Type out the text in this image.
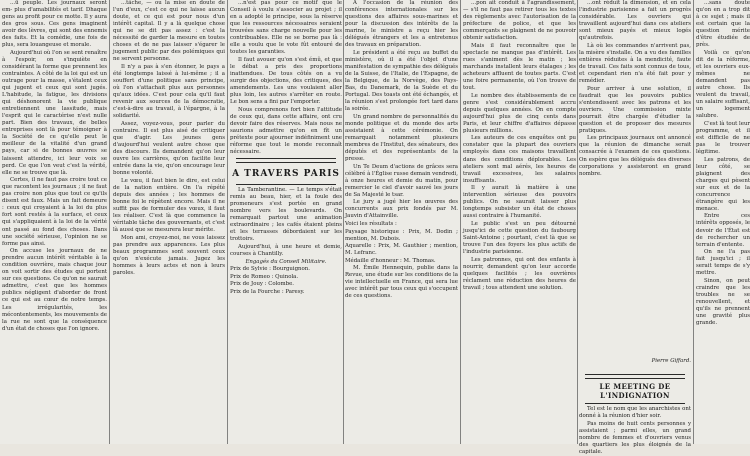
...ü peuple. Les journaux seront em- plus d'amabilités et tarif. Dhaque gens au profit pour ce motte. Il y aura des gros sous. Ces gens imaginent avoir des lèvres, qui sont des ennemis des faits. Et la comédie, une fois de plus, sera louangeuse et morale.

Aujourd'hui où l'on se sent renaître à l'espoir, on s'inquiète en considérant la forme que prennent les contraintes. A côté de la loi qui est un outrage pour la masse, s'étalent ceux qui jugent et ceux qui sont jugés. L'habitude, la fatigue, les divisions qui déshonorent la vie publique entretiennent une lassitude, mais l'esprit qui le caractérise n'est nulle part. Bien des travaux, de belles entreprises sont là pour témoigner à la Société de ce qu'elle peut le meilleur de la vitalité d'un grand pays, car si de bonnes œuvres se laissent attendre, ici leur voix se perd. Ce que l'on veut c'est la vérité, elle ne se trouve que là.

Certes, il ne faut pas croire tout ce que racontent les journaux ; il ne faut pas croire non plus que tout ce qu'ils disent est faux. Mais un fait demeure : ceux qui croyaient à la loi du plus fort sont restés à la surface, et ceux qui s'appliquaient à la loi de la vérité ont passé au fond des choses. Dans une société sérieuse, l'opinion ne se forme pas ainsi.

On accuse les journaux de ne prendre aucun intérêt véritable à la condition ouvrière, mais chaque jour on voit sortir des études qui portent sur ces questions. Ce qu'on ne saurait admettre, c'est que les hommes publics négligent d'aborder de front ce qui est au cœur de notre temps. Les irrégularités, les mécontentements, les mouvements de la rue ne sont que la conséquence d'un état de choses que l'on ignore.

...tâche, — ou la mise en doute de l'un d'eux, c'est ce qui ne laisse aucun doute, et ce qui est pour nous d'un intérêt capital. Il y a là quelque chose qui ne se dit pas assez : c'est la nécessité de garder la mesure en toutes choses et de ne pas laisser s'égarer le jugement public par des polémiques qui ne servent personne.

Il n'y a pas à s'en étonner, le pays a été longtemps laissé à lui-même ; il a souffert d'une politique sans principe, où l'on s'attachait plus aux personnes qu'aux idées. C'est pour cela qu'il faut revenir aux sources de la démocratie, c'est-à-dire au travail, à l'épargne, à la solidarité.

Assez, voyez-vous, pour parler du contraire. Il est plus aisé de critiquer que d'agir. Les jeunes gens d'aujourd'hui veulent autre chose que des discours. Ils demandent qu'on leur ouvre les carrières, qu'on facilite leur entrée dans la vie, qu'on encourage leur bonne volonté.

Le vœu, il faut bien le dire, est celui de la nation entière. On l'a répété depuis des années ; les hommes de bonne foi le répètent encore. Mais il ne suffit pas de formuler des vœux, il faut les réaliser. C'est là que commence la véritable tâche des gouvernants, et c'est là aussi que se mesurera leur mérite.

Mon ami, croyez-moi, ne vous laissez pas prendre aux apparences. Les plus beaux programmes sont souvent ceux qu'on n'exécute jamais. Jugez les hommes à leurs actes et non à leurs paroles.

...n'est pas pour ce motif que le Conseil à voulu s'associer au projet ; il en a adopté le principe, sous la réserve que les ressources nécessaires seraient trouvées sans charge nouvelle pour les contribuables. Elle ne se borne pas là : elle a voulu que le vote fût entouré de toutes les garanties.

Il faut avouer qu'on s'est émû, et que le débat a pris des proportions inattendues. De tous côtés on a vu surgir des objections, des critiques, des amendements. Les uns voulaient aller plus loin, les autres s'arrêter en route. Le bon sens a fini par l'emporter.

Nous comprenons fort bien l'attitude de ceux qui, dans cette affaire, ont cru devoir faire des réserves. Mais nous ne saurions admettre qu'on en fît un prétexte pour ajourner indéfiniment une réforme que tout le monde reconnaît nécessaire.

A TRAVERS PARIS

La Tamberantine. — Le temps s'était remis au beau, hier, et la foule des promeneurs s'est portée en grand nombre vers les boulevards. On remarquait partout une animation extraordinaire ; les cafés étaient pleins et les terrasses débordaient sur les trottoirs.

Aujourd'hui, à une heure et demie, courses à Chantilly.

Engagés du Conseil Militaire.

Prix de Sylvie : Bourguignon.

Prix de Romeo : Quinola.

Prix de Jouy : Colombe.

Prix de la Fourche : Paresy.

A l'occasion de la réunion des conférences internationales sur les questions des affaires sous-marines et pour la discussion des intérêts de la marine, le ministre a reçu hier les délégués étrangers et les a entretenus des travaux en préparation.

Le président a été reçu au buffet du ministère, où il a été l'objet d'une manifestation de sympathie des délégués de la Suisse, de l'Italie, de l'Espagne, de la Belgique, de la Norvège, des Pays-Bas, du Danemark, de la Suède et du Portugal. Des toasts ont été échangés, et la réunion s'est prolongée fort tard dans la soirée.

Un grand nombre de personnalités du monde politique et du monde des arts assistaient à cette cérémonie. On remarquait notamment plusieurs membres de l'Institut, des sénateurs, des députés et des représentants de la presse.

Un Te Deum d'actions de grâces sera célébré à l'Église russe demain vendredi, à onze heures et demie du matin, pour remercier le ciel d'avoir sauvé les jours de Sa Majesté le tsar.

Le jury a jugé hier les œuvres des concurrents aux prix fondés par M. Jauvin d'Attainville.

Voici les résultats :

Paysage historique : Prix, M. Dodin ; mention, M. Dubois.

Aquarelle : Prix, M. Gauthier ; mention, M. Lefranc.

Médaille d'honneur : M. Thomas.

M. Émile Hennequin, publie dans la Revue, une étude sur les conditions de la vie intellectuelle en France, qui sera lue avec intérêt par tous ceux qui s'occupent de ces questions.

...pon ait conduit à l'agrandissement, — s'il ne faut pas retirer tous les textes des règlements avec l'autorisation de la préfecture de police, et que les commerçants se plaignent de ne pouvoir obtenir satisfaction.

Mais il faut reconnaître que le spectacle ne manque pas d'intérêt. Les rues s'animent dès le matin ; les marchands installent leurs étalages ; les acheteurs affluent de toutes parts. C'est une foire permanente, où l'on trouve de tout.

Le nombre des établissements de ce genre s'est considérablement accru depuis quelques années. On en compte aujourd'hui plus de cinq cents dans Paris, et leur chiffre d'affaires dépasse plusieurs millions.

Les auteurs de ces enquêtes ont pu constater que la plupart des ouvriers employés dans ces maisons travaillent dans des conditions déplorables. Les ateliers sont mal aérés, les heures de travail excessives, les salaires insuffisants.

Il y aurait là matière à une intervention sérieuse des pouvoirs publics. On ne saurait laisser plus longtemps subsister un état de choses aussi contraire à l'humanité.

Le public s'est un peu détourné jusqu'ici de cette question du faubourg Saint-Antoine ; pourtant, c'est là que se trouve l'un des foyers les plus actifs de l'industrie parisienne.

Les patronnes, qui ont des enfants à nourrir, demandent qu'on leur accorde quelques facilités ; les ouvrières réclament une réduction des heures de travail ; tous attendent une solution.

...ont réduit la dimension, et en cela l'industrie parisienne a fait un progrès considérable. Les ouvriers qui travaillent aujourd'hui dans ces ateliers sont mieux payés et mieux logés qu'autrefois.

Là où les commandes n'arrivent pas, la misère s'installe. On a vu des familles entières réduites à la mendicité, faute de travail. Ces faits sont connus de tous, et cependant rien n'a été fait pour y remédier.

Pour arriver à une solution, il faudrait que les pouvoirs publics s'entendissent avec les patrons et les ouvriers. Une commission mixte pourrait être chargée d'étudier la question et de proposer des mesures pratiques.

Les principaux journaux ont annoncé que la réunion de dimanche serait consacrée à l'examen de ces questions. On espère que les délégués des diverses corporations y assisteront en grand nombre.

Pierre Giffard.
LE MEETING DE L'INDIGNATION

Tel est le nom que les anarchistes ont donné à la réunion d'hier soir.

Pas moins de huit cents personnes y assistaient ; parmi elles, un grand nombre de femmes et d'ouvriers venus des quartiers les plus éloignés de la capitale.

...sans doute qu'on en a trop dit à ce sujet ; mais il est certain que la question mérite d'être étudiée de près.

Voilà ce qu'on dit de la réforme, et les ouvriers eux-mêmes ne demandent pas autre chose. Ils veulent du travail, un salaire suffisant, un logement salubre.

C'est là tout leur programme, et il est difficile de ne pas le trouver légitime.

Les patrons, de leur côté, se plaignent des charges qui pèsent sur eux et de la concurrence étrangère qui les menace.

Entre ces intérêts opposés, le devoir de l'État est de rechercher un terrain d'entente.

On ne l'a pas fait jusqu'ici ; il serait temps de s'y mettre.

Sinon, on peut craindre que les troubles ne se renouvellent, et qu'ils ne prennent une gravité plus grande.
